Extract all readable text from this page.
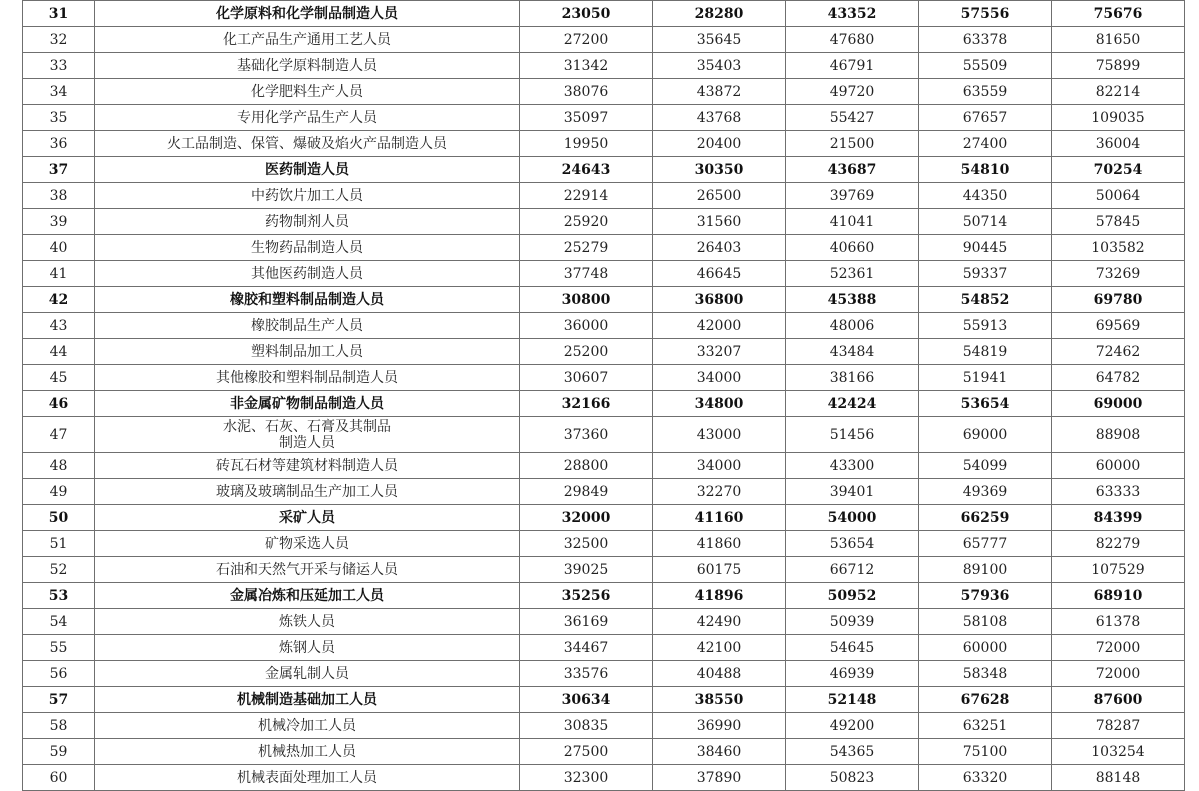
31	化学原料和化学制品制造人员	23050	28280	43352	57556	75676
32	化工产品生产通用工艺人员	27200	35645	47680	63378	81650
33	基础化学原料制造人员	31342	35403	46791	55509	75899
34	化学肥料生产人员	38076	43872	49720	63559	82214
35	专用化学产品生产人员	35097	43768	55427	67657	109035
36	火工品制造、保管、爆破及焰火产品制造人员	19950	20400	21500	27400	36004
37	医药制造人员	24643	30350	43687	54810	70254
38	中药饮片加工人员	22914	26500	39769	44350	50064
39	药物制剂人员	25920	31560	41041	50714	57845
40	生物药品制造人员	25279	26403	40660	90445	103582
41	其他医药制造人员	37748	46645	52361	59337	73269
42	橡胶和塑料制品制造人员	30800	36800	45388	54852	69780
43	橡胶制品生产人员	36000	42000	48006	55913	69569
44	塑料制品加工人员	25200	33207	43484	54819	72462
45	其他橡胶和塑料制品制造人员	30607	34000	38166	51941	64782
46	非金属矿物制品制造人员	32166	34800	42424	53654	69000
47	水泥、石灰、石膏及其制品
制造人员	37360	43000	51456	69000	88908
48	砖瓦石材等建筑材料制造人员	28800	34000	43300	54099	60000
49	玻璃及玻璃制品生产加工人员	29849	32270	39401	49369	63333
50	采矿人员	32000	41160	54000	66259	84399
51	矿物采选人员	32500	41860	53654	65777	82279
52	石油和天然气开采与储运人员	39025	60175	66712	89100	107529
53	金属冶炼和压延加工人员	35256	41896	50952	57936	68910
54	炼铁人员	36169	42490	50939	58108	61378
55	炼钢人员	34467	42100	54645	60000	72000
56	金属轧制人员	33576	40488	46939	58348	72000
57	机械制造基础加工人员	30634	38550	52148	67628	87600
58	机械冷加工人员	30835	36990	49200	63251	78287
59	机械热加工人员	27500	38460	54365	75100	103254
60	机械表面处理加工人员	32300	37890	50823	63320	88148
